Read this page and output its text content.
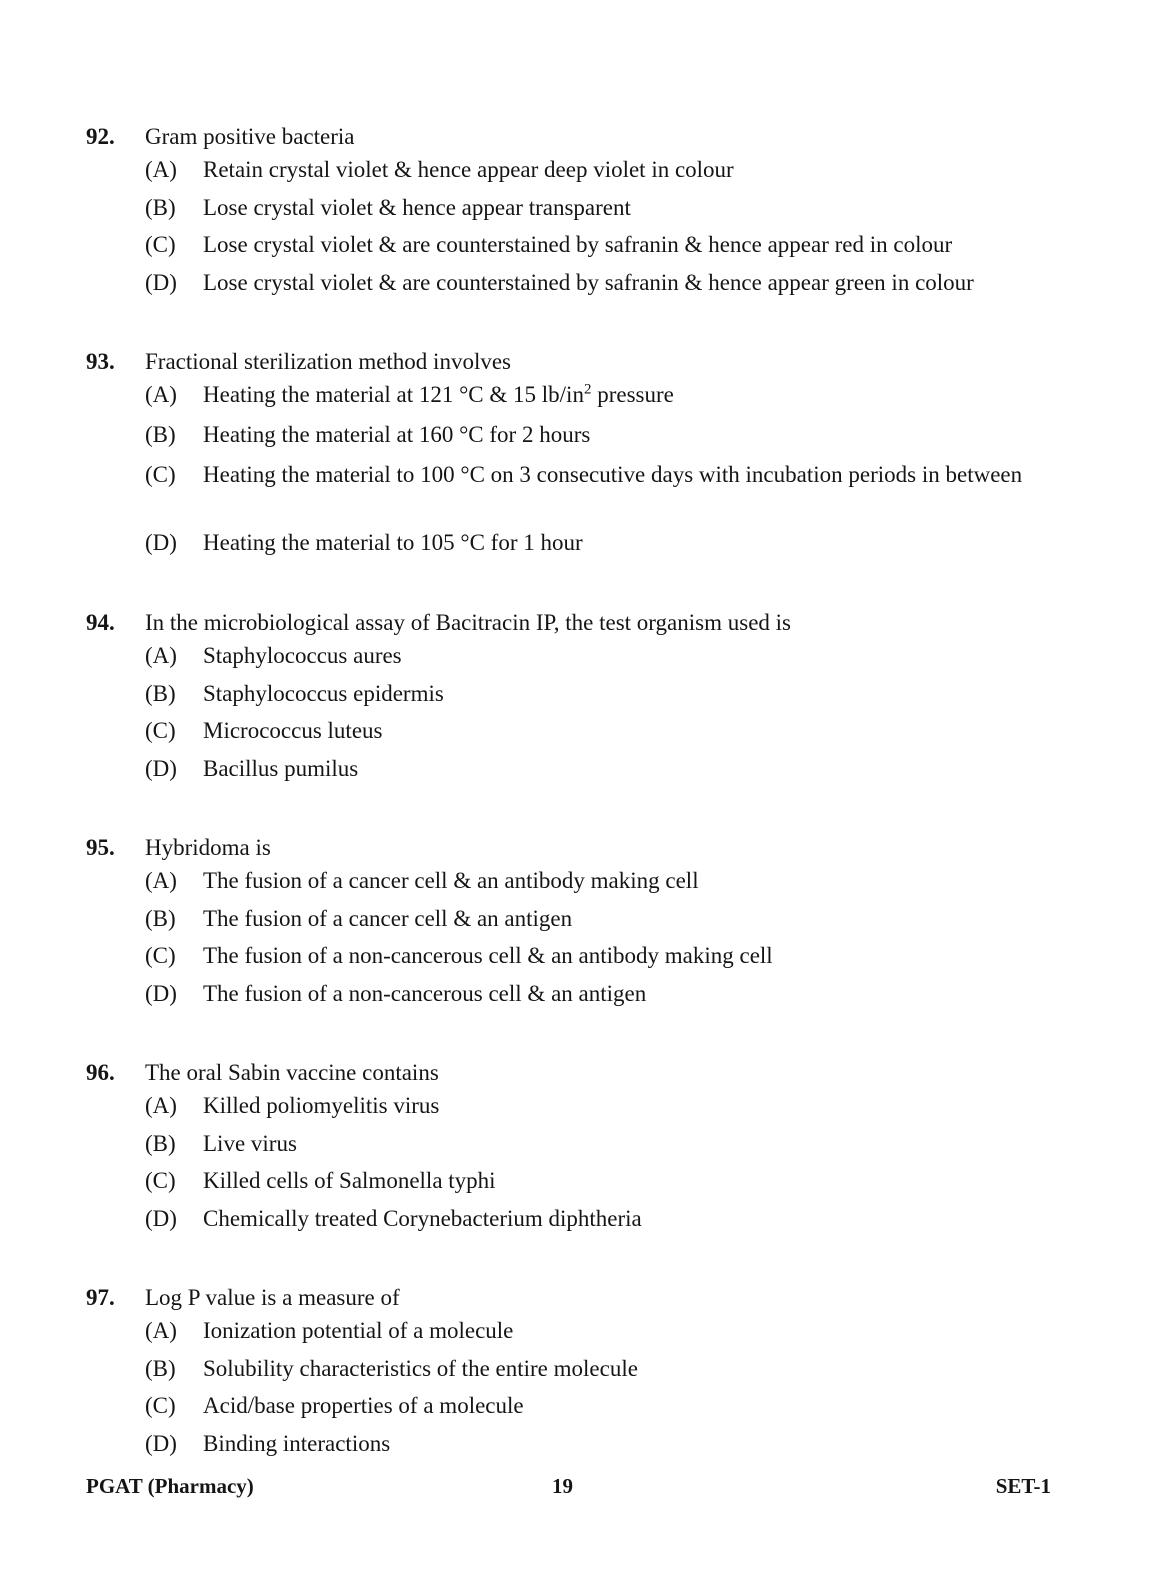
92. Gram positive bacteria
(A) Retain crystal violet & hence appear deep violet in colour
(B) Lose crystal violet & hence appear transparent
(C) Lose crystal violet & are counterstained by safranin & hence appear red in colour
(D) Lose crystal violet & are counterstained by safranin & hence appear green in colour
93. Fractional sterilization method involves
(A) Heating the material at 121 °C & 15 $lb/in^2$ pressure
(B) Heating the material at 160 °C for 2 hours
(C) Heating the material to 100 °C on 3 consecutive days with incubation periods in between
(D) Heating the material to 105 °C for 1 hour
94. In the microbiological assay of Bacitracin IP, the test organism used is
(A) Staphylococcus aures
(B) Staphylococcus epidermis
(C) Micrococcus luteus
(D) Bacillus pumilus
95. Hybridoma is
(A) The fusion of a cancer cell & an antibody making cell
(B) The fusion of a cancer cell & an antigen
(C) The fusion of a non-cancerous cell & an antibody making cell
(D) The fusion of a non-cancerous cell & an antigen
96. The oral Sabin vaccine contains
(A) Killed poliomyelitis virus
(B) Live virus
(C) Killed cells of Salmonella typhi
(D) Chemically treated Corynebacterium diphtheria
97. Log P value is a measure of
(A) Ionization potential of a molecule
(B) Solubility characteristics of the entire molecule
(C) Acid/base properties of a molecule
(D) Binding interactions
PGAT (Pharmacy)	19	SET-1
